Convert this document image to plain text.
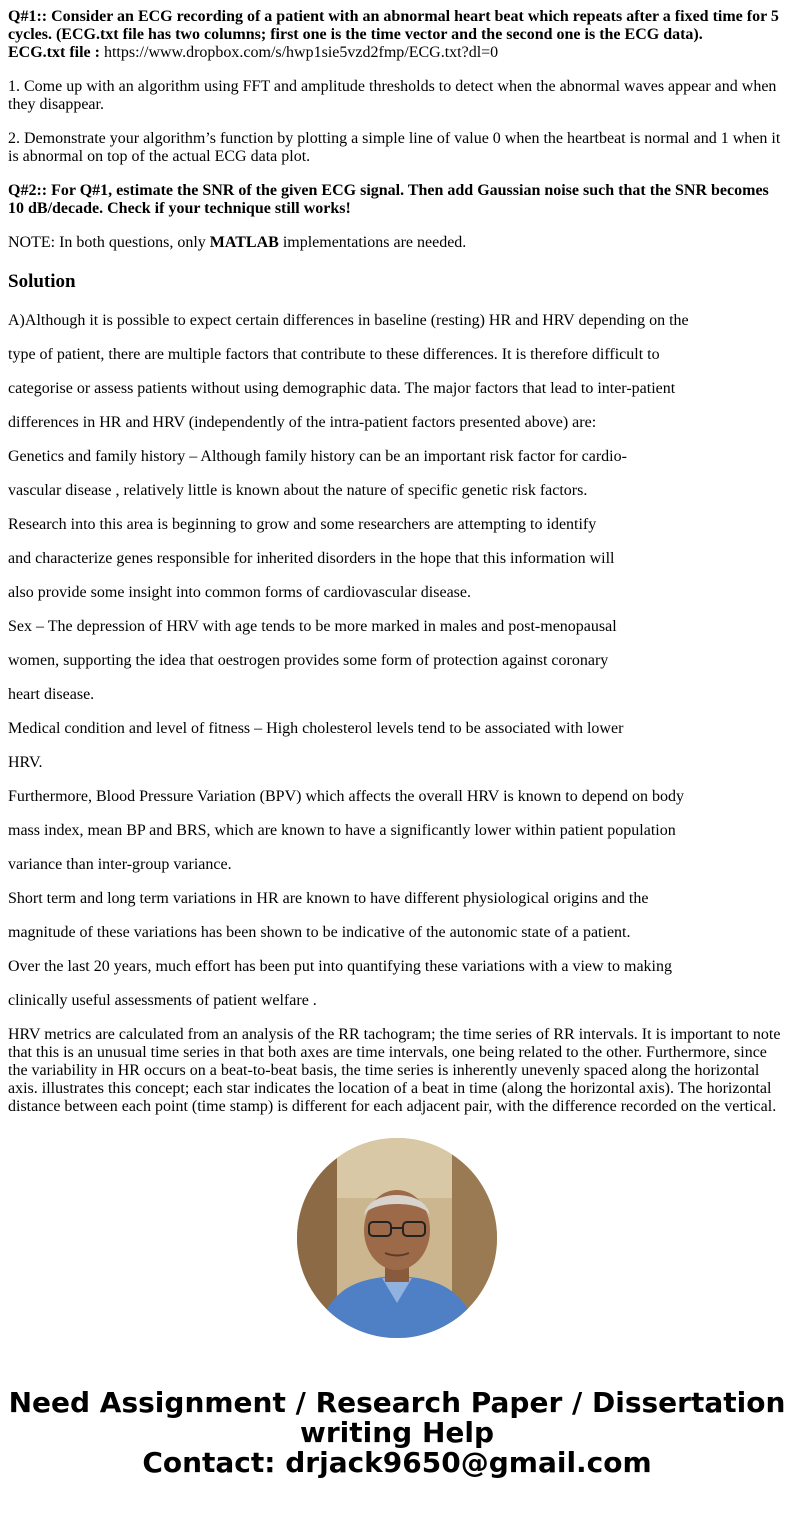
Q#1:: Consider an ECG recording of a patient with an abnormal heart beat which repeats after a fixed time for 5 cycles. (ECG.txt file has two columns; first one is the time vector and the second one is the ECG data).
ECG.txt file : https://www.dropbox.com/s/hwp1sie5vzd2fmp/ECG.txt?dl=0

1. Come up with an algorithm using FFT and amplitude thresholds to detect when the abnormal waves appear and when they disappear.

2. Demonstrate your algorithm’s function by plotting a simple line of value 0 when the heartbeat is normal and 1 when it is abnormal on top of the actual ECG data plot.

Q#2:: For Q#1, estimate the SNR of the given ECG signal. Then add Gaussian noise such that the SNR becomes 10 dB/decade. Check if your technique still works!

NOTE: In both questions, only MATLAB implementations are needed.

Solution

A)Although it is possible to expect certain differences in baseline (resting) HR and HRV depending on the

type of patient, there are multiple factors that contribute to these differences. It is therefore difficult to

categorise or assess patients without using demographic data. The major factors that lead to inter-patient

differences in HR and HRV (independently of the intra-patient factors presented above) are:

Genetics and family history – Although family history can be an important risk factor for cardio-

vascular disease , relatively little is known about the nature of specific genetic risk factors.

Research into this area is beginning to grow and some researchers are attempting to identify

and characterize genes responsible for inherited disorders in the hope that this information will

also provide some insight into common forms of cardiovascular disease.

Sex – The depression of HRV with age tends to be more marked in males and post-menopausal

women, supporting the idea that oestrogen provides some form of protection against coronary

heart disease.

Medical condition and level of fitness – High cholesterol levels tend to be associated with lower

HRV.

Furthermore, Blood Pressure Variation (BPV) which affects the overall HRV is known to depend on body

mass index, mean BP and BRS, which are known to have a significantly lower within patient population

variance than inter-group variance.

Short term and long term variations in HR are known to have different physiological origins and the

magnitude of these variations has been shown to be indicative of the autonomic state of a patient.

Over the last 20 years, much effort has been put into quantifying these variations with a view to making

clinically useful assessments of patient welfare .

HRV metrics are calculated from an analysis of the RR tachogram; the time series of RR intervals. It is important to note that this is an unusual time series in that both axes are time intervals, one being related to the other. Furthermore, since the variability in HR occurs on a beat-to-beat basis, the time series is inherently unevenly spaced along the horizontal axis. illustrates this concept; each star indicates the location of a beat in time (along the horizontal axis). The horizontal distance between each point (time stamp) is different for each adjacent pair, with the difference recorded on the vertical.

Need Assignment / Research Paper / Dissertation
writing Help
Contact: drjack9650@gmail.com
